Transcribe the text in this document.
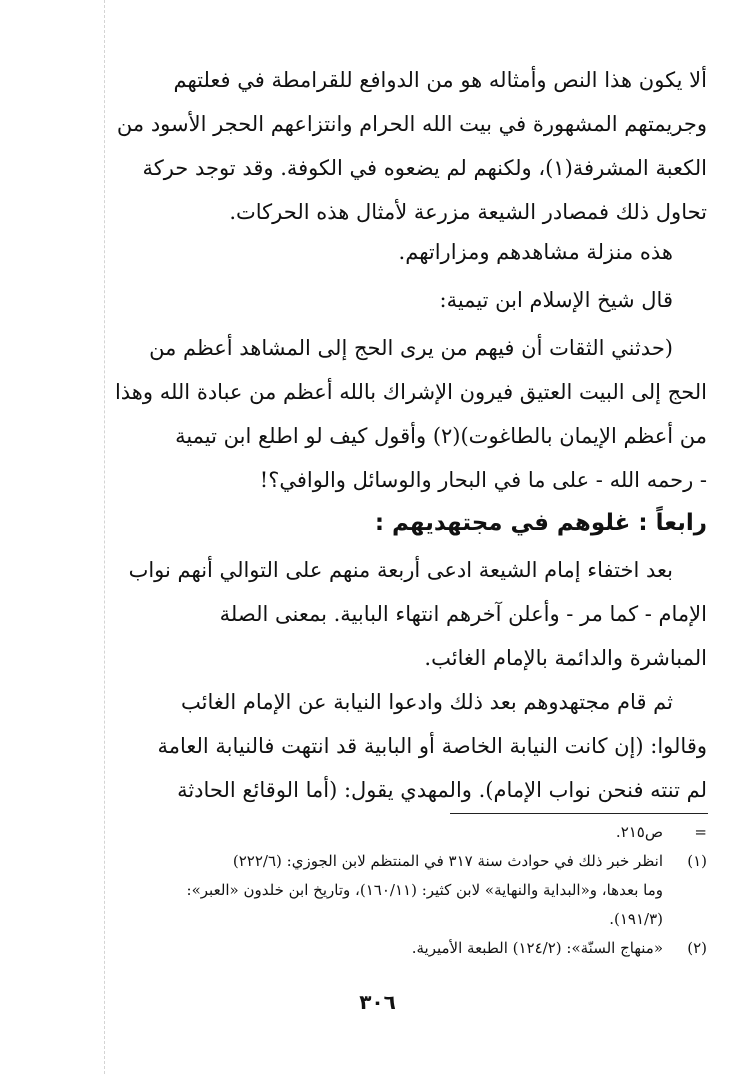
ألا يكون هذا النص وأمثاله هو من الدوافع للقرامطة في فعلتهم
وجريمتهم المشهورة في بيت الله الحرام وانتزاعهم الحجر الأسود من
الكعبة المشرفة(١)، ولكنهم لم يضعوه في الكوفة. وقد توجد حركة
تحاول ذلك فمصادر الشيعة مزرعة لأمثال هذه الحركات.
هذه منزلة مشاهدهم ومزاراتهم.
قال شيخ الإسلام ابن تيمية:
(حدثني الثقات أن فيهم من يرى الحج إلى المشاهد أعظم من
الحج إلى البيت العتيق فيرون الإشراك بالله أعظم من عبادة الله وهذا
من أعظم الإيمان بالطاغوت)(٢) وأقول كيف لو اطلع ابن تيمية
- رحمه الله - على ما في البحار والوسائل والوافي؟!
رابعاً : غلوهم في مجتهديهم :
بعد اختفاء إمام الشيعة ادعى أربعة منهم على التوالي أنهم نواب
الإمام - كما مر - وأعلن آخرهم انتهاء البابية. بمعنى الصلة
المباشرة والدائمة بالإمام الغائب.
ثم قام مجتهدوهم بعد ذلك وادعوا النيابة عن الإمام الغائب
وقالوا: (إن كانت النيابة الخاصة أو البابية قد انتهت فالنيابة العامة
لم تنته فنحن نواب الإمام). والمهدي يقول: (أما الوقائع الحادثة
=
ص٢١٥.
(١)
انظر خبر ذلك في حوادث سنة ٣١٧ في المنتظم لابن الجوزي: (٢٢٢/٦)
وما بعدها، و«البداية والنهاية» لابن كثير: (١٦٠/١١)، وتاريخ ابن خلدون «العبر»:
(١٩١/٣).
(٢)
«منهاج السنّة»: (١٢٤/٢) الطبعة الأميرية.
٣٠٦
